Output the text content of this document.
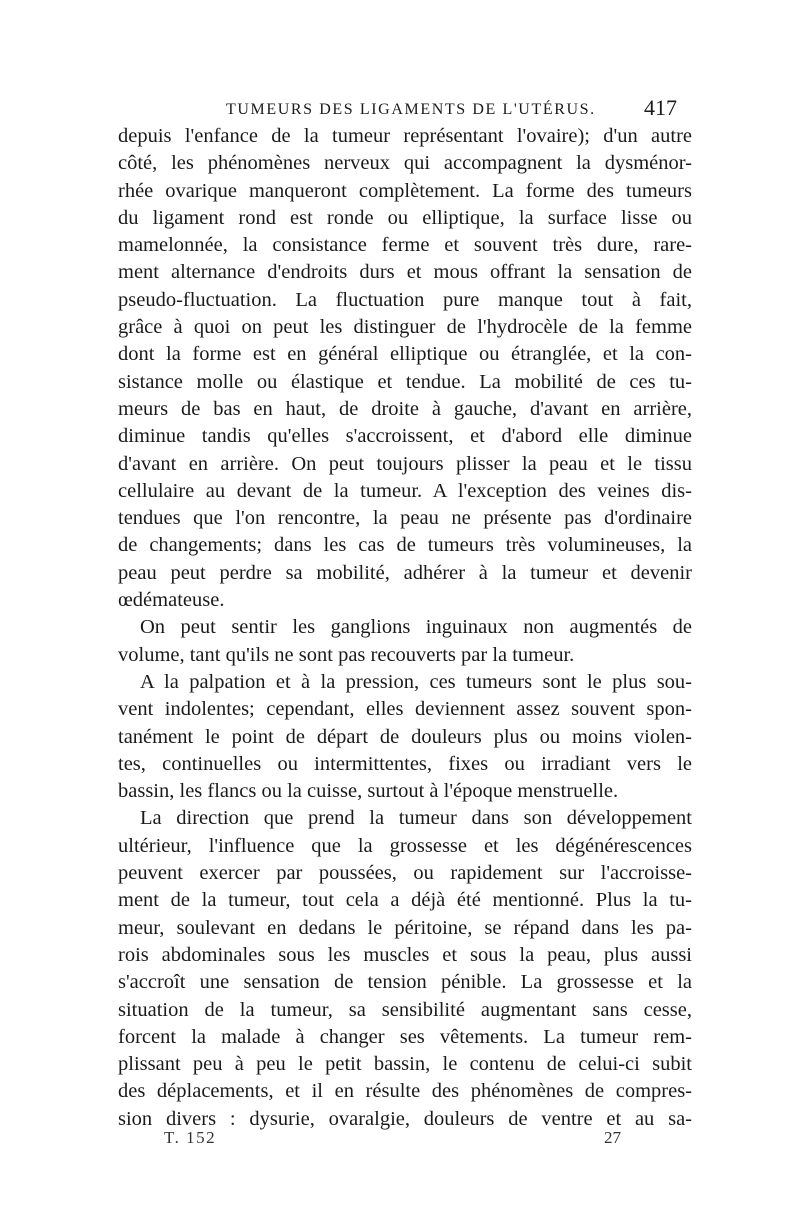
TUMEURS DES LIGAMENTS DE L'UTÉRUS. 417
depuis l'enfance de la tumeur représentant l'ovaire); d'un autre
côté, les phénomènes nerveux qui accompagnent la dysménor-
rhée ovarique manqueront complètement. La forme des tumeurs
du ligament rond est ronde ou elliptique, la surface lisse ou
mamelonnée, la consistance ferme et souvent très dure, rare-
ment alternance d'endroits durs et mous offrant la sensation de
pseudo-fluctuation. La fluctuation pure manque tout à fait,
grâce à quoi on peut les distinguer de l'hydrocèle de la femme
dont la forme est en général elliptique ou étranglée, et la con-
sistance molle ou élastique et tendue. La mobilité de ces tu-
meurs de bas en haut, de droite à gauche, d'avant en arrière,
diminue tandis qu'elles s'accroissent, et d'abord elle diminue
d'avant en arrière. On peut toujours plisser la peau et le tissu
cellulaire au devant de la tumeur. A l'exception des veines dis-
tendues que l'on rencontre, la peau ne présente pas d'ordinaire
de changements; dans les cas de tumeurs très volumineuses, la
peau peut perdre sa mobilité, adhérer à la tumeur et devenir
œdémateuse.
On peut sentir les ganglions inguinaux non augmentés de
volume, tant qu'ils ne sont pas recouverts par la tumeur.
A la palpation et à la pression, ces tumeurs sont le plus sou-
vent indolentes; cependant, elles deviennent assez souvent spon-
tanément le point de départ de douleurs plus ou moins violen-
tes, continuelles ou intermittentes, fixes ou irradiant vers le
bassin, les flancs ou la cuisse, surtout à l'époque menstruelle.
La direction que prend la tumeur dans son développement
ultérieur, l'influence que la grossesse et les dégénérescences
peuvent exercer par poussées, ou rapidement sur l'accroisse-
ment de la tumeur, tout cela a déjà été mentionné. Plus la tu-
meur, soulevant en dedans le péritoine, se répand dans les pa-
rois abdominales sous les muscles et sous la peau, plus aussi
s'accroît une sensation de tension pénible. La grossesse et la
situation de la tumeur, sa sensibilité augmentant sans cesse,
forcent la malade à changer ses vêtements. La tumeur rem-
plissant peu à peu le petit bassin, le contenu de celui-ci subit
des déplacements, et il en résulte des phénomènes de compres-
sion divers : dysurie, ovaralgie, douleurs de ventre et au sa-
T. 152	27
